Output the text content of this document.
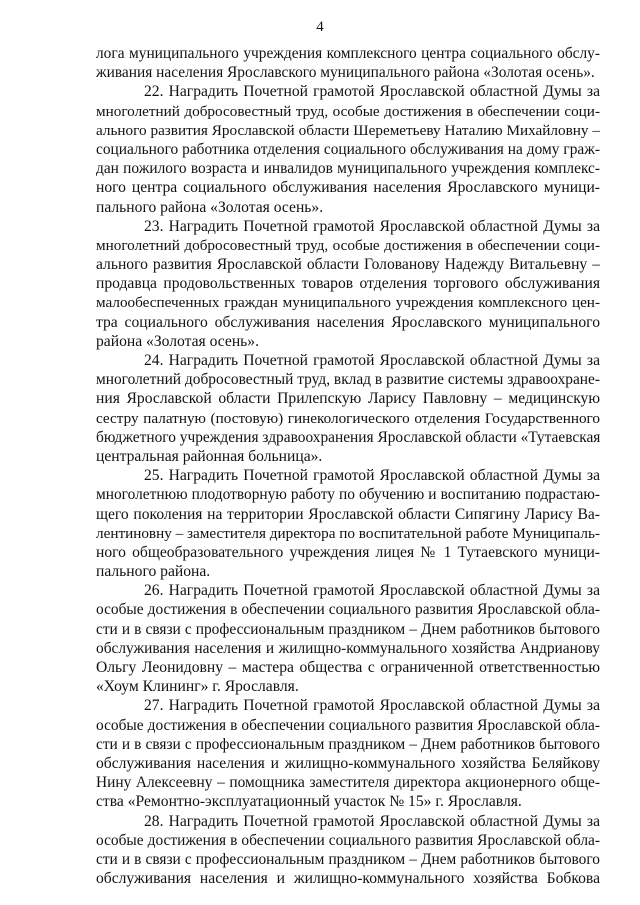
4
лога муниципального учреждения комплексного центра социального обслу-
живания населения Ярославского муниципального района «Золотая осень».
22. Наградить Почетной грамотой Ярославской областной Думы за
многолетний добросовестный труд, особые достижения в обеспечении соци-
ального развития Ярославской области Шереметьеву Наталию Михайловну –
социального работника отделения социального обслуживания на дому граж-
дан пожилого возраста и инвалидов муниципального учреждения комплекс-
ного центра социального обслуживания населения Ярославского муници-
пального района «Золотая осень».
23. Наградить Почетной грамотой Ярославской областной Думы за
многолетний добросовестный труд, особые достижения в обеспечении соци-
ального развития Ярославской области Голованову Надежду Витальевну –
продавца продовольственных товаров отделения торгового обслуживания
малообеспеченных граждан муниципального учреждения комплексного цен-
тра социального обслуживания населения Ярославского муниципального
района «Золотая осень».
24. Наградить Почетной грамотой Ярославской областной Думы за
многолетний добросовестный труд, вклад в развитие системы здравоохране-
ния Ярославской области Прилепскую Ларису Павловну – медицинскую
сестру палатную (постовую) гинекологического отделения Государственного
бюджетного учреждения здравоохранения Ярославской области «Тутаевская
центральная районная больница».
25. Наградить Почетной грамотой Ярославской областной Думы за
многолетнюю плодотворную работу по обучению и воспитанию подрастаю-
щего поколения на территории Ярославской области Сипягину Ларису Ва-
лентиновну – заместителя директора по воспитательной работе Муниципаль-
ного общеобразовательного учреждения лицея № 1 Тутаевского муници-
пального района.
26. Наградить Почетной грамотой Ярославской областной Думы за
особые достижения в обеспечении социального развития Ярославской обла-
сти и в связи с профессиональным праздником – Днем работников бытового
обслуживания населения и жилищно-коммунального хозяйства Андрианову
Ольгу Леонидовну – мастера общества с ограниченной ответственностью
«Хоум Клининг» г. Ярославля.
27. Наградить Почетной грамотой Ярославской областной Думы за
особые достижения в обеспечении социального развития Ярославской обла-
сти и в связи с профессиональным праздником – Днем работников бытового
обслуживания населения и жилищно-коммунального хозяйства Беляйкову
Нину Алексеевну – помощника заместителя директора акционерного обще-
ства «Ремонтно-эксплуатационный участок № 15» г. Ярославля.
28. Наградить Почетной грамотой Ярославской областной Думы за
особые достижения в обеспечении социального развития Ярославской обла-
сти и в связи с профессиональным праздником – Днем работников бытового
обслуживания населения и жилищно-коммунального хозяйства Бобкова
